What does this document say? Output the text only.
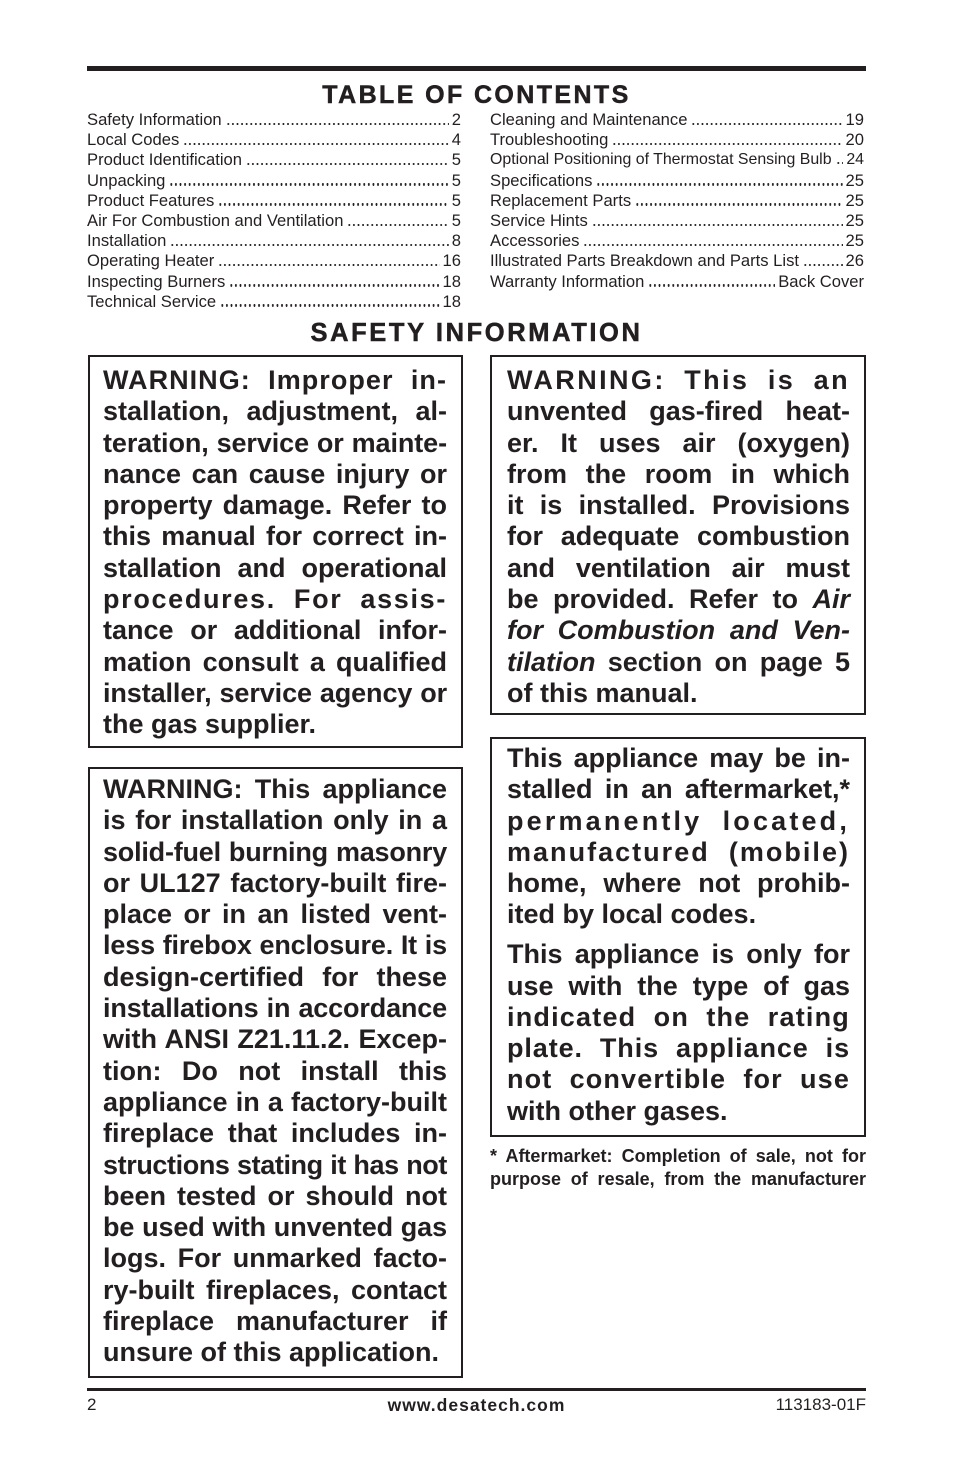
TABLE OF CONTENTS
Safety Information	2
Local Codes	4
Product Identification	5
Unpacking	5
Product Features	5
Air For Combustion and Ventilation	5
Installation	8
Operating Heater	16
Inspecting Burners	18
Technical Service	18
Cleaning and Maintenance	19
Troubleshooting	20
Optional Positioning of Thermostat Sensing Bulb 24
Specifications	25
Replacement Parts	25
Service Hints	25
Accessories	25
Illustrated Parts Breakdown and Parts List	26
Warranty Information	Back Cover
SAFETY INFORMATION
WARNING: Improper in-
stallation, adjustment, al-
teration, service or mainte-
nance can cause injury or
property damage. Refer to
this manual for correct in-
stallation and operational
procedures. For assis-
tance or additional infor-
mation consult a qualified
installer, service agency or
the gas supplier.
WARNING: This is an
unvented gas-fired heat-
er. It uses air (oxygen)
from the room in which
it is installed. Provisions
for adequate combustion
and ventilation air must
be provided. Refer to Air
for Combustion and Ven-
tilation section on page 5
of this manual.
WARNING: This appliance
is for installation only in a
solid-fuel burning masonry
or UL127 factory-built fire-
place or in an listed vent-
less firebox enclosure. It is
design-certified for these
installations in accordance
with ANSI Z21.11.2. Excep-
tion: Do not install this
appliance in a factory-built
fireplace that includes in-
structions stating it has not
been tested or should not
be used with unvented gas
logs. For unmarked facto-
ry-built fireplaces, contact
fireplace manufacturer if
unsure of this application.
This appliance may be in-
stalled in an aftermarket,*
permanently located,
manufactured (mobile)
home, where not prohib-
ited by local codes.
This appliance is only for
use with the type of gas
indicated on the rating
plate. This appliance is
not convertible for use
with other gases.
* Aftermarket: Completion of sale, not for
purpose of resale, from the manufacturer
2	www.desatech.com	113183-01F
